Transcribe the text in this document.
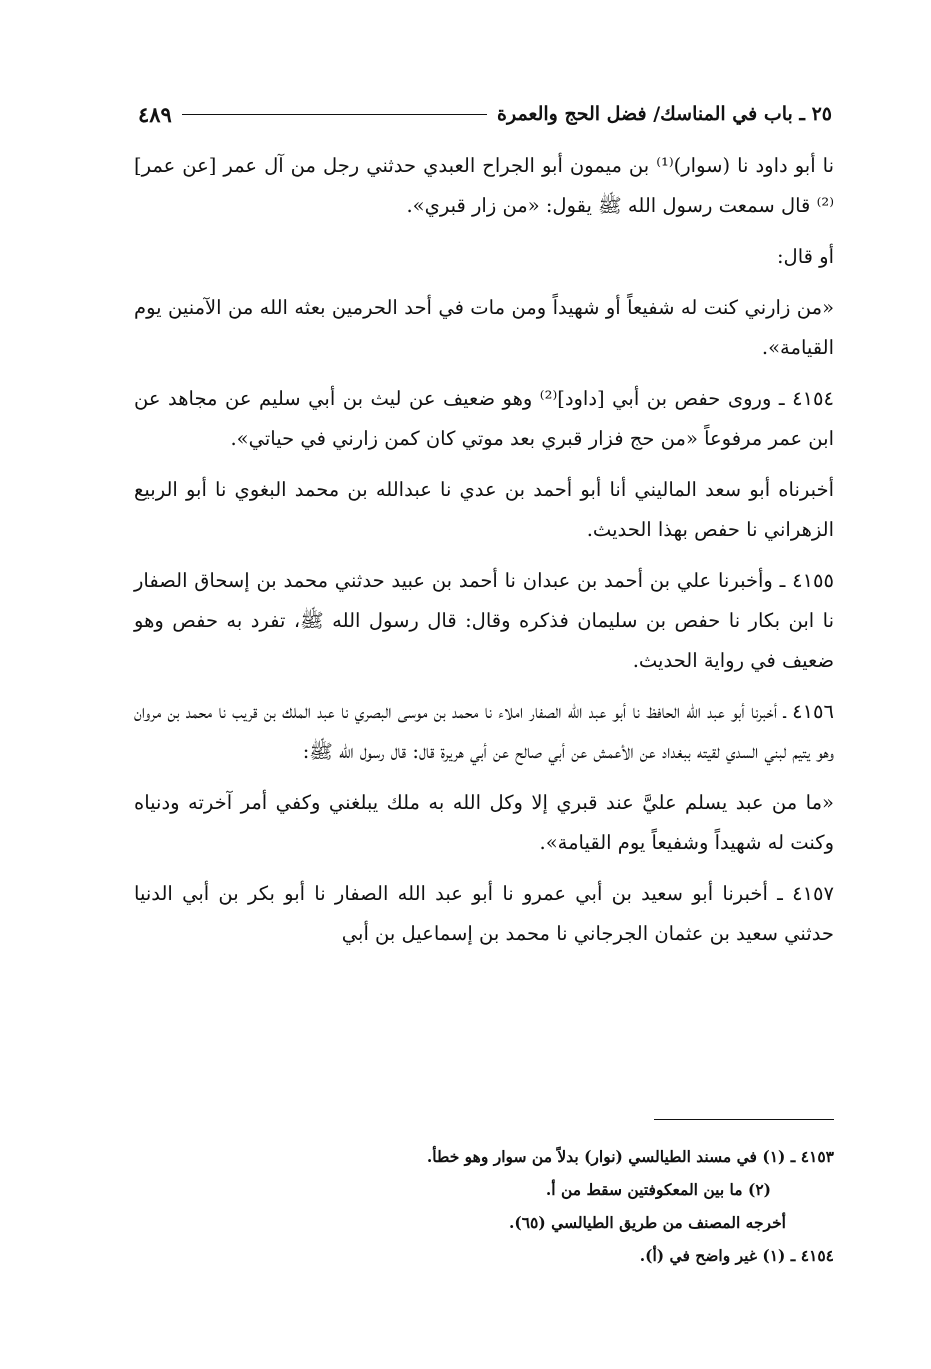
٢٥ ـ باب في المناسك/ فضل الحج والعمرة
٤٨٩

نا أبو داود نا (سوار)⁽¹⁾ بن ميمون أبو الجراح العبدي حدثني رجل من آل عمر [عن عمر]⁽²⁾ قال سمعت رسول الله ﷺ يقول: «من زار قبري».

أو قال:

«من زارني كنت له شفيعاً أو شهيداً ومن مات في أحد الحرمين بعثه الله من الآمنين يوم القيامة».

٤١٥٤ ـ وروى حفص بن أبي [داود]⁽²⁾ وهو ضعيف عن ليث بن أبي سليم عن مجاهد عن ابن عمر مرفوعاً «من حج فزار قبري بعد موتي كان كمن زارني في حياتي».

أخبرناه أبو سعد الماليني أنا أبو أحمد بن عدي نا عبدالله بن محمد البغوي نا أبو الربيع الزهراني نا حفص بهذا الحديث.

٤١٥٥ ـ وأخبرنا علي بن أحمد بن عبدان نا أحمد بن عبيد حدثني محمد بن إسحاق الصفار نا ابن بكار نا حفص بن سليمان فذكره وقال: قال رسول الله ﷺ، تفرد به حفص وهو ضعيف في رواية الحديث.

٤١٥٦ ـ أخبرنا أبو عبد الله الحافظ نا أبو عبد الله الصفار املاء نا محمد بن موسى البصري نا عبد الملك بن قريب نا محمد بن مروان وهو يتيم لبني السدي لقيته ببغداد عن الأعمش عن أبي صالح عن أبي هريرة قال: قال رسول الله ﷺ:

«ما من عبد يسلم عليَّ عند قبري إلا وكل الله به ملك يبلغني وكفي أمر آخرته ودنياه وكنت له شهيداً وشفيعاً يوم القيامة».

٤١٥٧ ـ أخبرنا أبو سعيد بن أبي عمرو نا أبو عبد الله الصفار نا أبو بكر بن أبي الدنيا حدثني سعيد بن عثمان الجرجاني نا محمد بن إسماعيل بن أبي

٤١٥٣ ـ (١) في مسند الطيالسي (نوار) بدلاً من سوار وهو خطأ.
(٢) ما بين المعكوفتين سقط من أ.
أخرجه المصنف من طريق الطيالسي (٦٥).
٤١٥٤ ـ (١) غير واضح في (أ).
